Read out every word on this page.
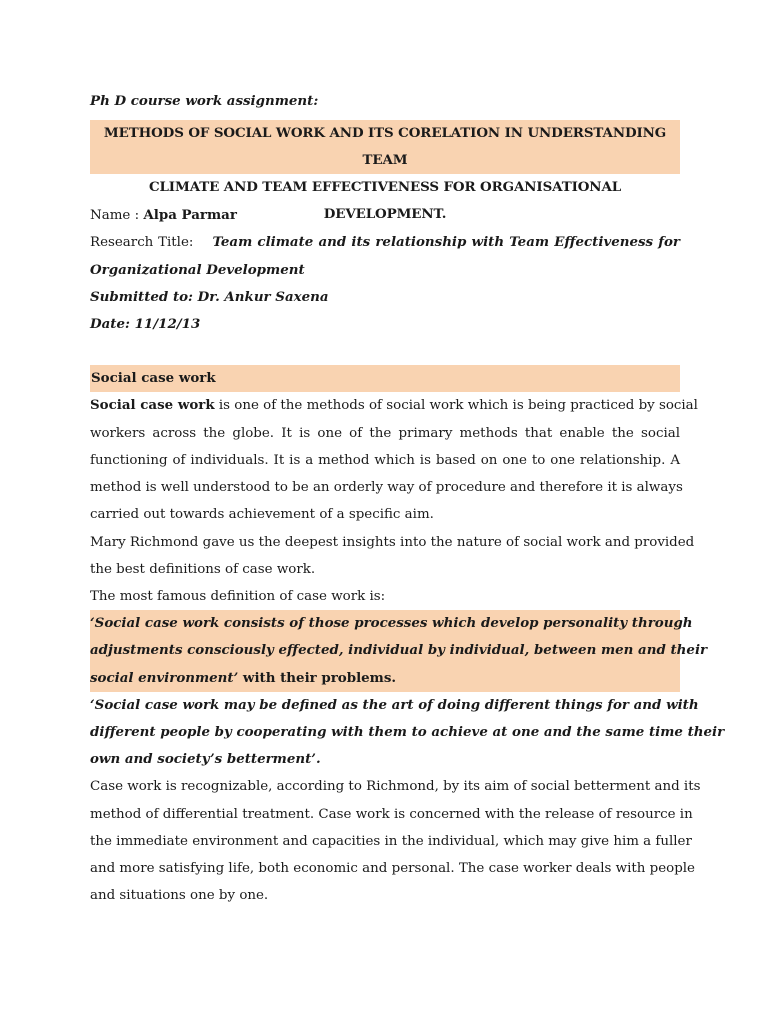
Ph D course work assignment:
METHODS OF SOCIAL WORK AND ITS CORELATION IN UNDERSTANDING TEAM
CLIMATE AND TEAM EFFECTIVENESS FOR ORGANISATIONAL DEVELOPMENT.
Name : Alpa Parmar
Research Title: Team climate and its relationship with Team Effectiveness for
Organizational Development
Submitted to: Dr. Ankur Saxena
Date: 11/12/13
Social case work
Social case work is one of the methods of social work which is being practiced by social
workers across the globe. It is one of the primary methods that enable the social
functioning of individuals. It is a method which is based on one to one relationship. A
method is well understood to be an orderly way of procedure and therefore it is always
carried out towards achievement of a specific aim.
Mary Richmond gave us the deepest insights into the nature of social work and provided
the best definitions of case work.
The most famous definition of case work is:
‘Social case work consists of those processes which develop personality through
adjustments consciously effected, individual by individual, between men and their
social environment’ with their problems.
‘Social case work may be defined as the art of doing different things for and with
different people by cooperating with them to achieve at one and the same time their
own and society’s betterment’.
Case work is recognizable, according to Richmond, by its aim of social betterment and its
method of differential treatment. Case work is concerned with the release of resource in
the immediate environment and capacities in the individual, which may give him a fuller
and more satisfying life, both economic and personal. The case worker deals with people
and situations one by one.
